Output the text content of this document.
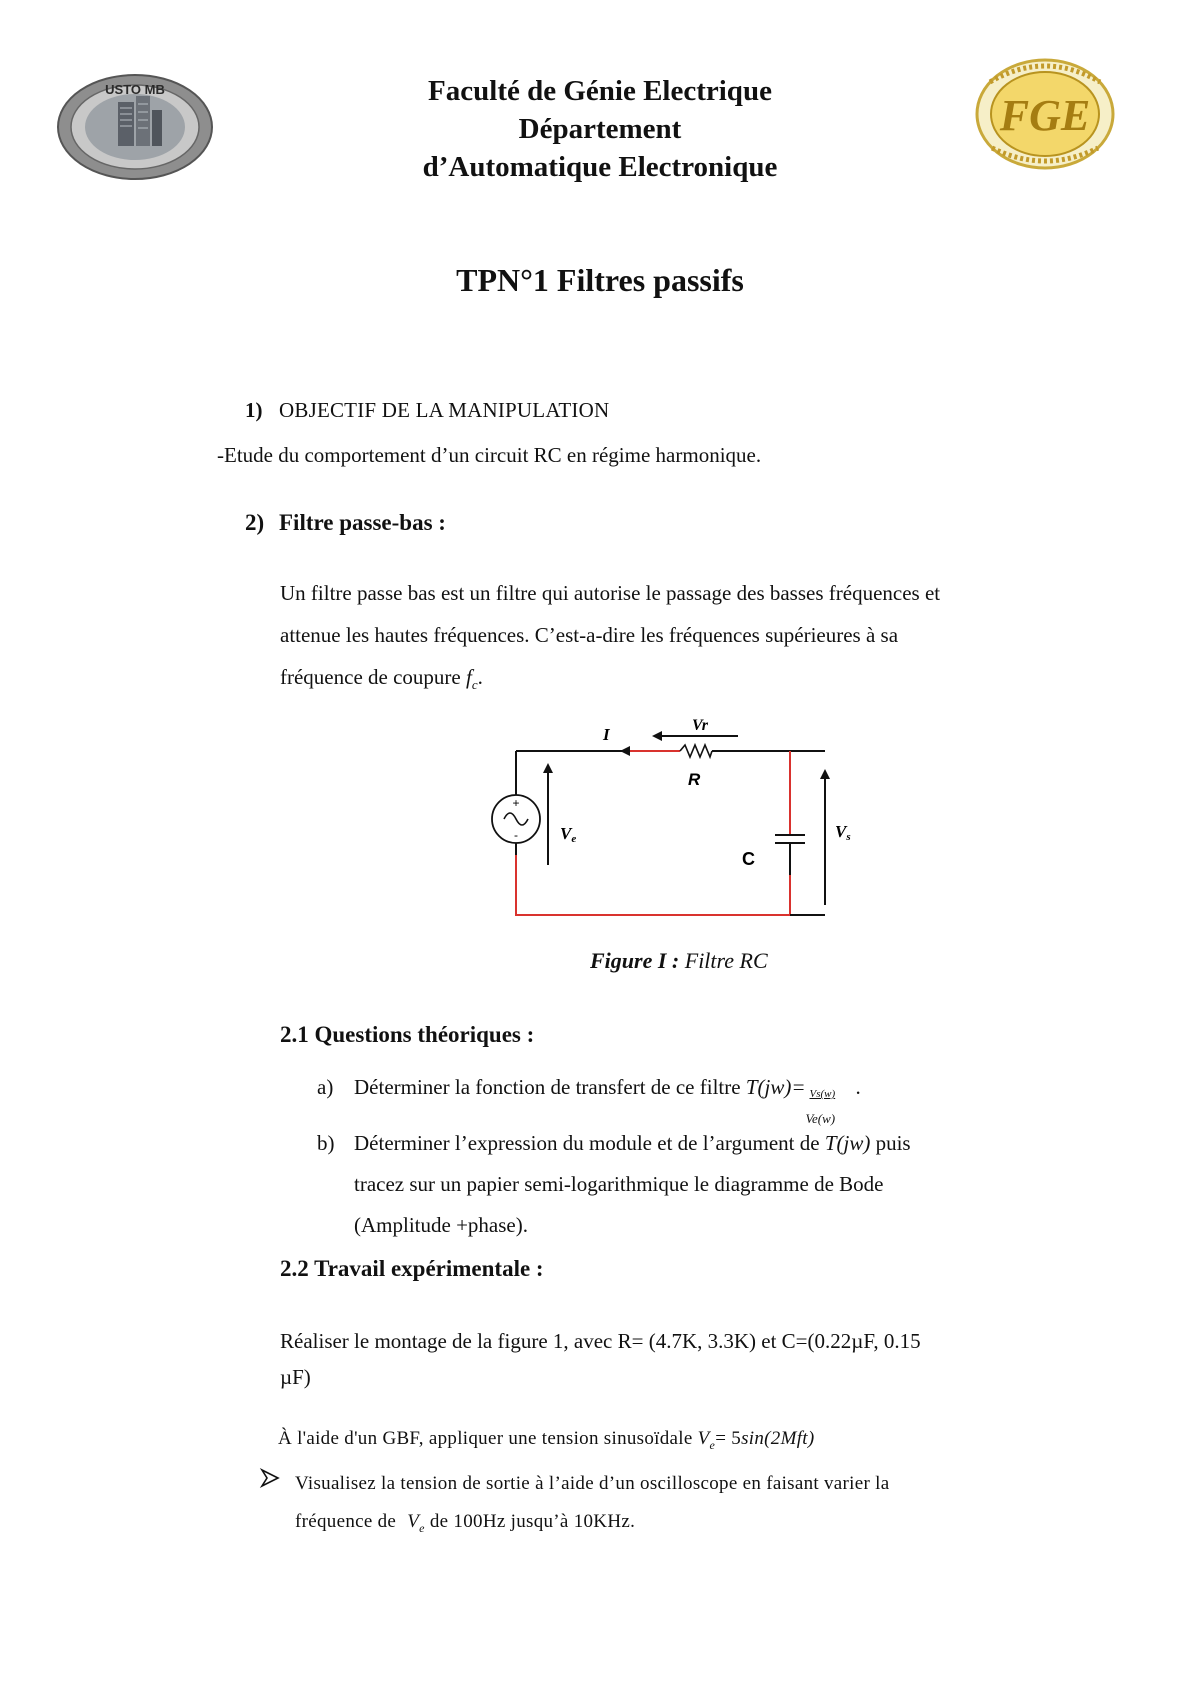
USTO MB
FGE
Faculté de Génie Electrique
Département
d’Automatique Electronique
TPN°1 Filtres passifs
1) OBJECTIF DE LA MANIPULATION
-Etude du comportement d’un circuit RC en régime harmonique.
2) Filtre passe-bas :
Un filtre passe bas est un filtre qui autorise le passage des basses fréquences et
attenue les hautes fréquences. C’est-a-dire les fréquences supérieures à sa
fréquence de coupure $f_c$.
+
-
I	Vr
R
C
Ve	Vs
Figure I : Filtre RC
2.1 Questions théoriques :
a) Déterminer la fonction de transfert de ce filtre T(jw)= Vs(w)
Ve(w)
.
b) Déterminer l’expression du module et de l’argument de T(jw) puis
tracez sur un papier semi-logarithmique le diagramme de Bode
(Amplitude +phase).
2.2 Travail expérimentale :
Réaliser le montage de la figure 1, avec R= (4.7K, 3.3K) et C=(0.22µF, 0.15
µF)
À l'aide d'un GBF, appliquer une tension sinusoïdale $V_e= 5\sin(2Mft)$
Visualisez la tension de sortie à l’aide d’un oscilloscope en faisant varier la
fréquence de $V_e$ de 100Hz jusqu’à 10KHz.
